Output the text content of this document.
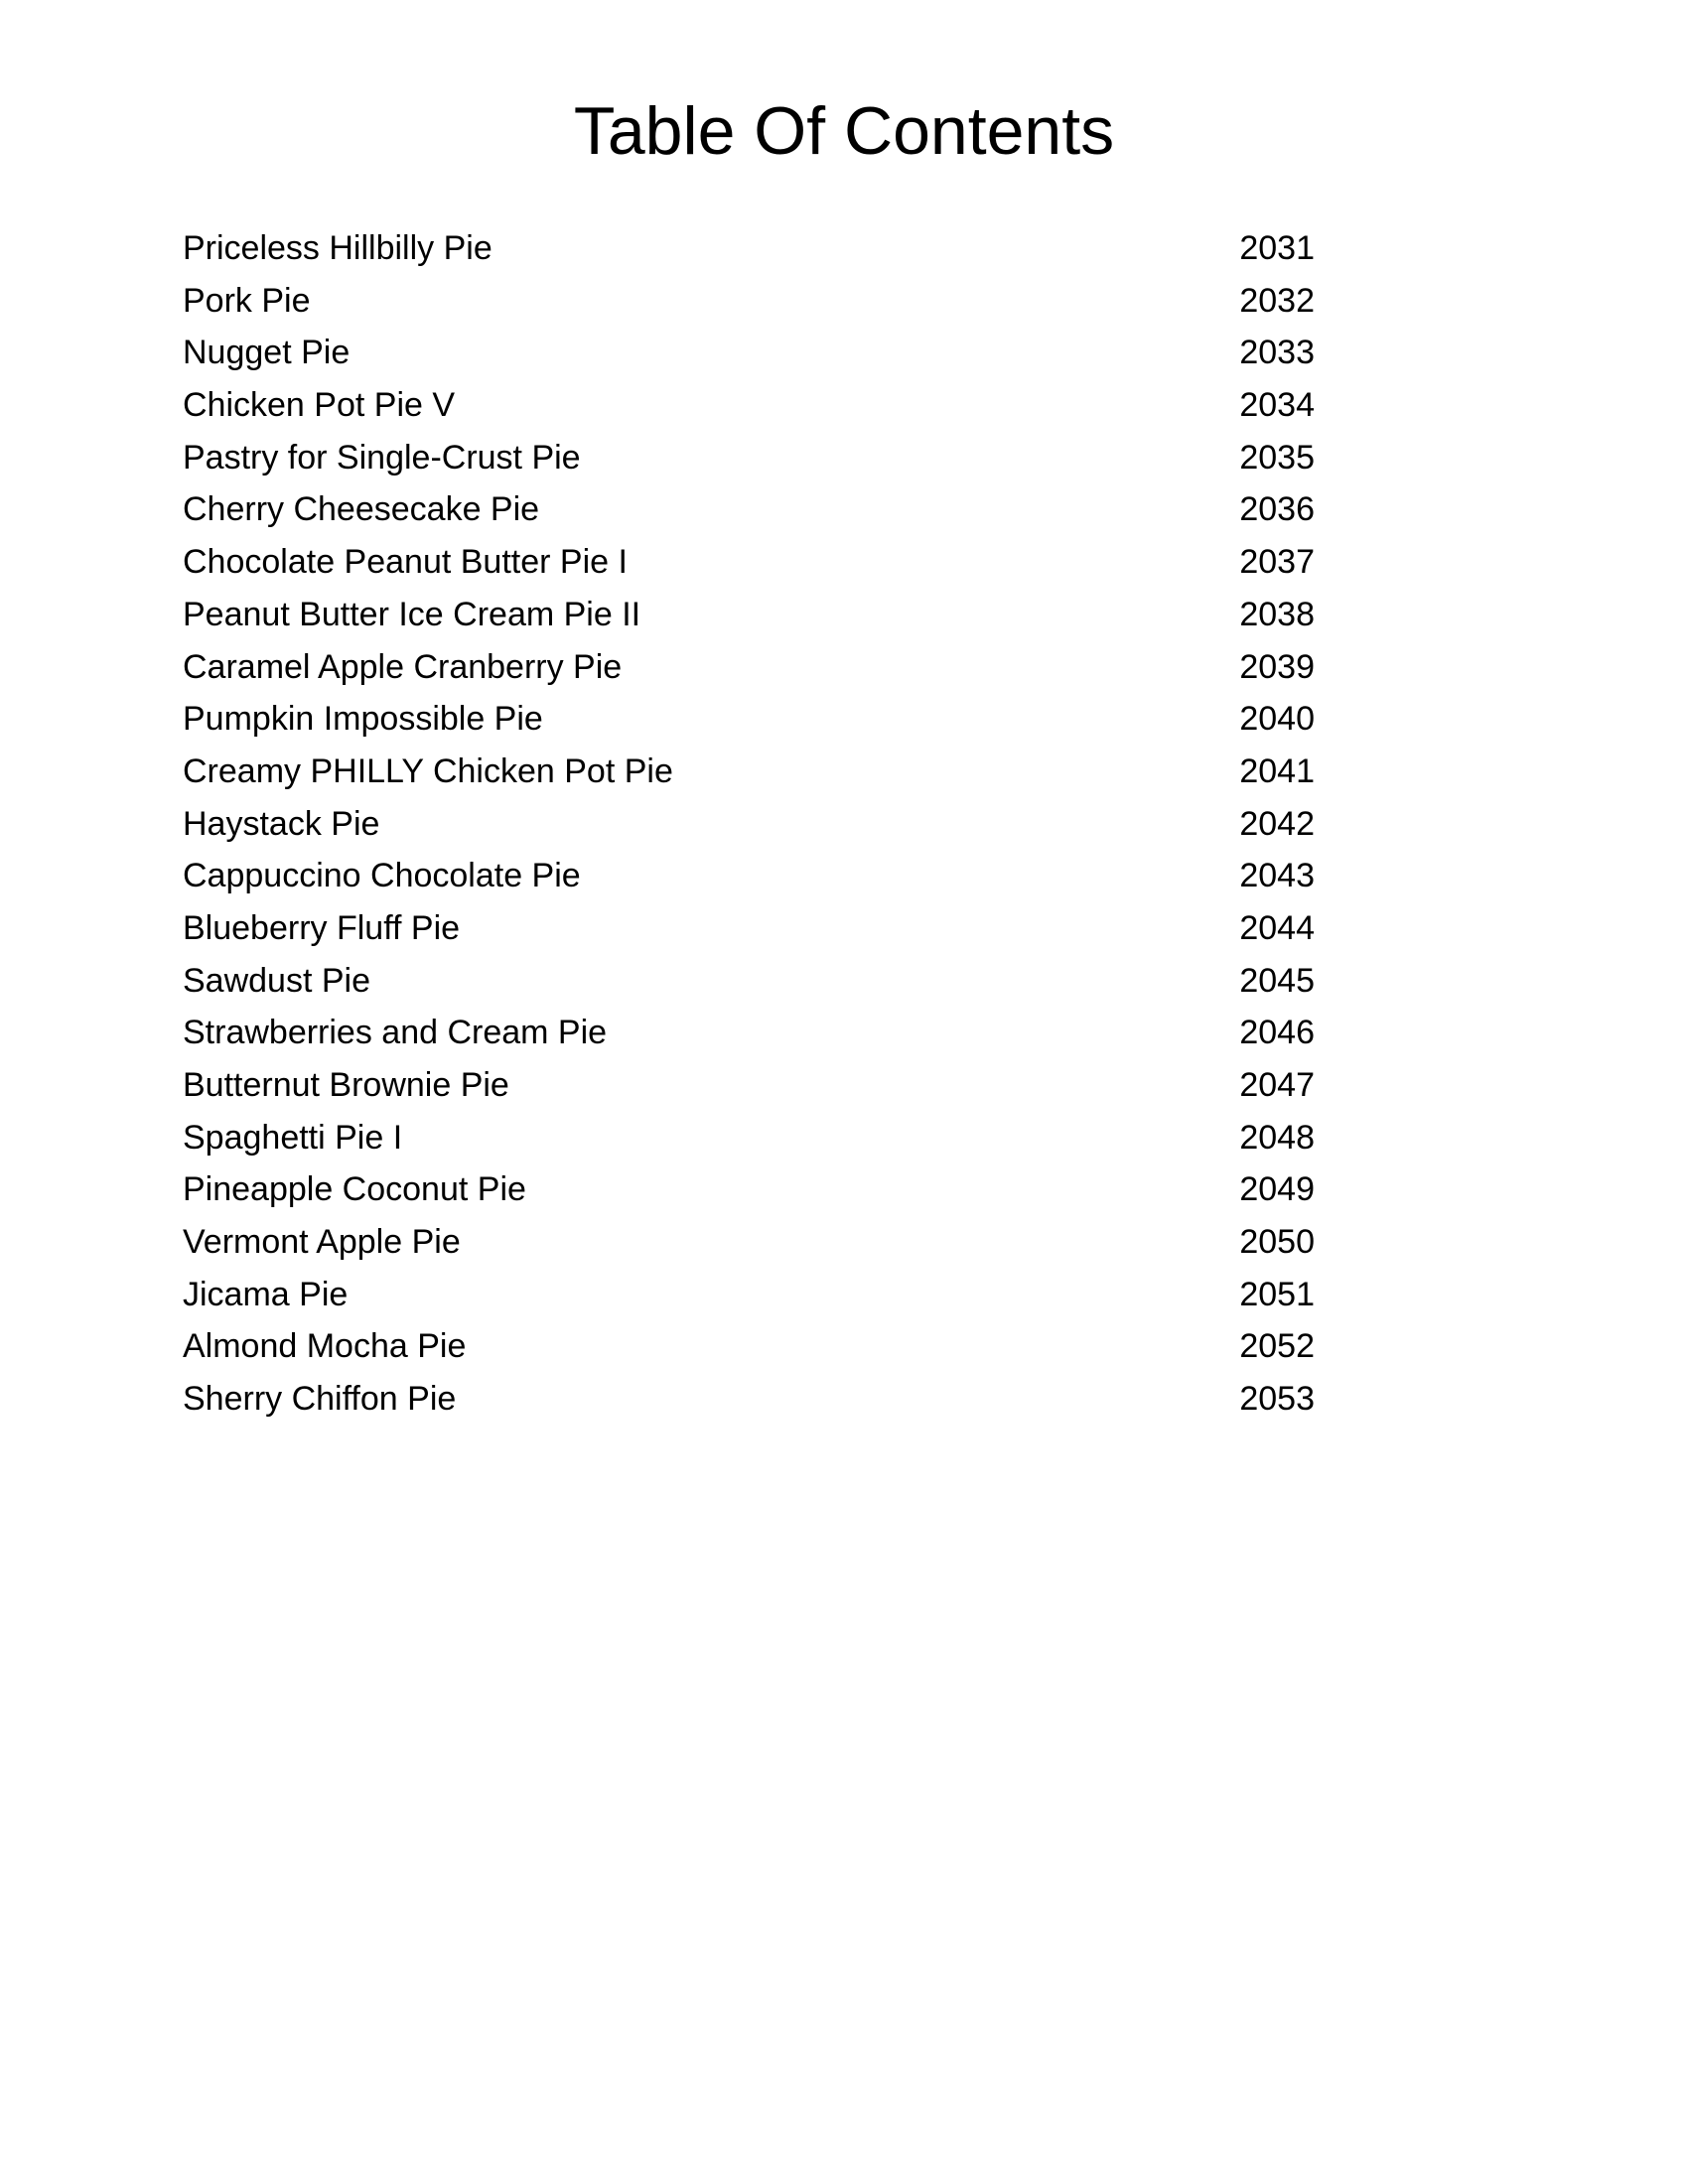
Table Of Contents
Priceless Hillbilly Pie	2031
Pork Pie	2032
Nugget Pie	2033
Chicken Pot Pie V	2034
Pastry for Single-Crust Pie	2035
Cherry Cheesecake Pie	2036
Chocolate Peanut Butter Pie I	2037
Peanut Butter Ice Cream Pie II	2038
Caramel Apple Cranberry Pie	2039
Pumpkin Impossible Pie	2040
Creamy PHILLY Chicken Pot Pie	2041
Haystack Pie	2042
Cappuccino Chocolate Pie	2043
Blueberry Fluff Pie	2044
Sawdust Pie	2045
Strawberries and Cream Pie	2046
Butternut Brownie Pie	2047
Spaghetti Pie I	2048
Pineapple Coconut Pie	2049
Vermont Apple Pie	2050
Jicama Pie	2051
Almond Mocha Pie	2052
Sherry Chiffon Pie	2053
